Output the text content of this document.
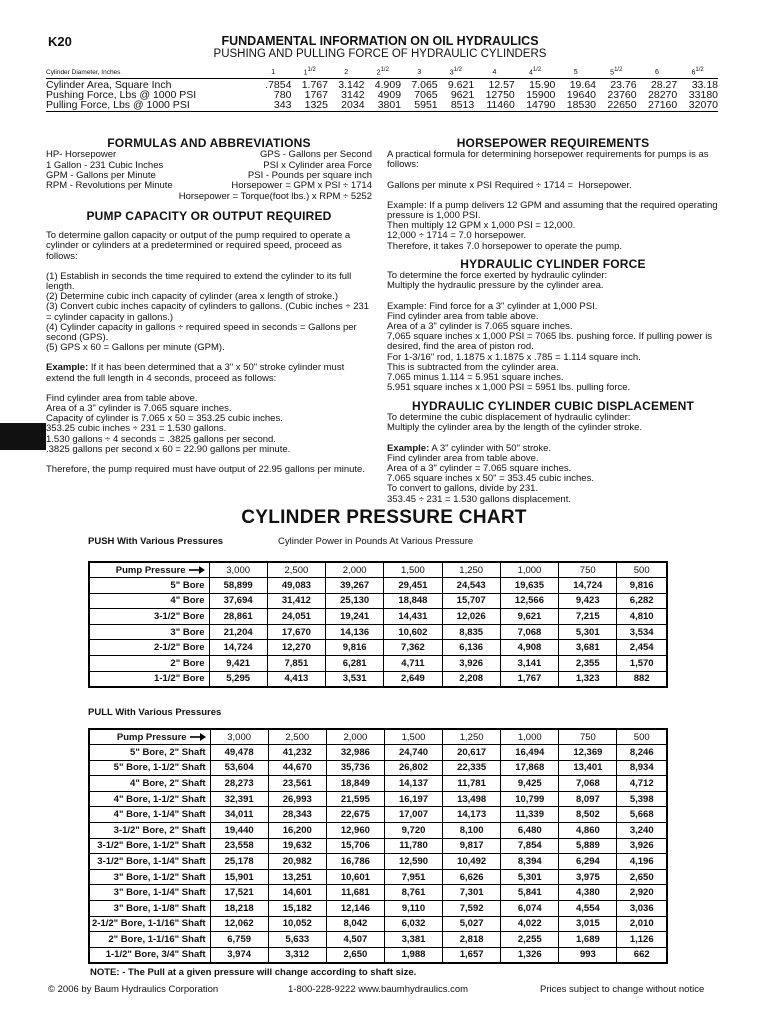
K20	FUNDAMENTAL INFORMATION ON OIL HYDRAULICS
PUSHING AND PULLING FORCE OF HYDRAULIC CYLINDERS
Cylinder Diameter, Inches	1	$1^{1/2}$	2	$2^{1/2}$	3	$3^{1/2}$	4	$4^{1/2}$	5	$5^{1/2}$	6	$6^{1/2}$
Cylinder Area, Square Inch	.7854	1.767	3.142	4.909	7.065	9.621	12.57	15.90	19.64	23.76	28.27	33.18
Pushing Force, Lbs @ 1000 PSI	780	1767	3142	4909	7065	9621	12750	15900	19640	23760	28270	33180
Pulling Force, Lbs @ 1000 PSI	343	1325	2034	3801	5951	8513	11460	14790	18530	22650	27160	32070
FORMULAS AND ABBREVIATIONS
HP- Horsepower	GPS - Gallons per Second
1 Gallon - 231 Cubic Inches	PSI x Cylinder area Force
GPM - Gallons per Minute	PSI - Pounds per square inch
RPM - Revolutions per Minute	Horsepower = GPM x PSI ÷ 1714
Horsepower = Torque(foot lbs.) x RPM ÷ 5252
PUMP CAPACITY OR OUTPUT REQUIRED

To determine gallon capacity or output of the pump required to operate a cylinder or cylinders at a predetermined or required speed, proceed as follows:

(1) Establish in seconds the time required to extend the cylinder to its full length.
(2) Determine cubic inch capacity of cylinder (area x length of stroke.)
(3) Convert cubic inches capacity of cylinders to gallons. (Cubic inches ÷ 231 = cylinder capacity in gallons.)
(4) Cylinder capacity in gallons ÷ required speed in seconds = Gallons per second (GPS).
(5) GPS x 60 = Gallons per minute (GPM).

Example: If it has been determined that a 3" x 50" stroke cylinder must extend the full length in 4 seconds, proceed as follows:

Find cylinder area from table above.
Area of a 3" cylinder is 7.065 square inches.
Capacity of cylinder is 7.065 x 50 = 353.25 cubic inches.
353.25 cubic inches ÷ 231 = 1.530 gallons.
1.530 gallons ÷ 4 seconds = .3825 gallons per second.
.3825 gallons per second x 60 = 22.90 gallons per minute.

Therefore, the pump required must have output of 22.95 gallons per minute.

HORSEPOWER REQUIREMENTS

A practical formula for determining horsepower requirements for pumps is as follows:

Gallons per minute x PSI Required ÷ 1714 =  Horsepower.

Example: If a pump delivers 12 GPM and assuming that the required operating pressure is 1,000 PSI.
Then multiply 12 GPM x 1,000 PSI = 12,000.
12,000 ÷ 1714 = 7.0 horsepower.
Therefore, it takes 7.0 horsepower to operate the pump.

HYDRAULIC CYLINDER FORCE

To determine the force exerted by hydraulic cylinder:
Multiply the hydraulic pressure by the cylinder area.

Example: Find force for a 3" cylinder at 1,000 PSI.
Find cylinder area from table above.
Area of a 3" cylinder is 7.065 square inches.
7,065 square inches x 1,000 PSI = 7065 lbs. pushing force. If pulling power is desired, find the area of piston rod.
For 1-3/16" rod, 1.1875 x 1.1875 x .785 = 1.114 square inch.
This is subtracted from the cylinder area.
7.065 minus 1.114 = 5.951 square inches.
5.951 square inches x 1,000 PSI = 5951 lbs. pulling force.

HYDRAULIC CYLINDER CUBIC DISPLACEMENT

To determine the cubic displacement of hydraulic cylinder:
Multiply the cylinder area by the length of the cylinder stroke.

Example: A 3" cylinder with 50" stroke.
Find cylinder area from table above.
Area of a 3" cylinder = 7.065 square inches.
7.065 square inches x 50" = 353.45 cubic inches.
To convert to gallons, divide by 231.
353.45 ÷ 231 = 1.530 gallons displacement.

CYLINDER PRESSURE CHART
PUSH With Various Pressures	Cylinder Power in Pounds At Various Pressure
Pump Pressure	3,000	2,500	2,000	1,500	1,250	1,000	750	500
5" Bore	58,899	49,083	39,267	29,451	24,543	19,635	14,724	9,816
4" Bore	37,694	31,412	25,130	18,848	15,707	12,566	9,423	6,282
3-1/2" Bore	28,861	24,051	19,241	14,431	12,026	9,621	7,215	4,810
3" Bore	21,204	17,670	14,136	10,602	8,835	7,068	5,301	3,534
2-1/2" Bore	14,724	12,270	9,816	7,362	6,136	4,908	3,681	2,454
2" Bore	9,421	7,851	6,281	4,711	3,926	3,141	2,355	1,570
1-1/2" Bore	5,295	4,413	3,531	2,649	2,208	1,767	1,323	882
PULL With Various Pressures
Pump Pressure	3,000	2,500	2,000	1,500	1,250	1,000	750	500
5" Bore, 2" Shaft	49,478	41,232	32,986	24,740	20,617	16,494	12,369	8,246
5" Bore, 1-1/2" Shaft	53,604	44,670	35,736	26,802	22,335	17,868	13,401	8,934
4" Bore, 2" Shaft	28,273	23,561	18,849	14,137	11,781	9,425	7,068	4,712
4" Bore, 1-1/2" Shaft	32,391	26,993	21,595	16,197	13,498	10,799	8,097	5,398
4" Bore, 1-1/4" Shaft	34,011	28,343	22,675	17,007	14,173	11,339	8,502	5,668
3-1/2" Bore, 2" Shaft	19,440	16,200	12,960	9,720	8,100	6,480	4,860	3,240
3-1/2" Bore, 1-1/2" Shaft	23,558	19,632	15,706	11,780	9,817	7,854	5,889	3,926
3-1/2" Bore, 1-1/4" Shaft	25,178	20,982	16,786	12,590	10,492	8,394	6,294	4,196
3" Bore, 1-1/2" Shaft	15,901	13,251	10,601	7,951	6,626	5,301	3,975	2,650
3" Bore, 1-1/4" Shaft	17,521	14,601	11,681	8,761	7,301	5,841	4,380	2,920
3" Bore, 1-1/8" Shaft	18,218	15,182	12,146	9,110	7,592	6,074	4,554	3,036
2-1/2" Bore, 1-1/16" Shaft	12,062	10,052	8,042	6,032	5,027	4,022	3,015	2,010
2" Bore, 1-1/16" Shaft	6,759	5,633	4,507	3,381	2,818	2,255	1,689	1,126
1-1/2" Bore, 3/4" Shaft	3,974	3,312	2,650	1,988	1,657	1,326	993	662
NOTE: - The Pull at a given pressure will change according to shaft size.
© 2006 by Baum Hydraulics Corporation	1-800-228-9222 www.baumhydraulics.com	Prices subject to change without notice
